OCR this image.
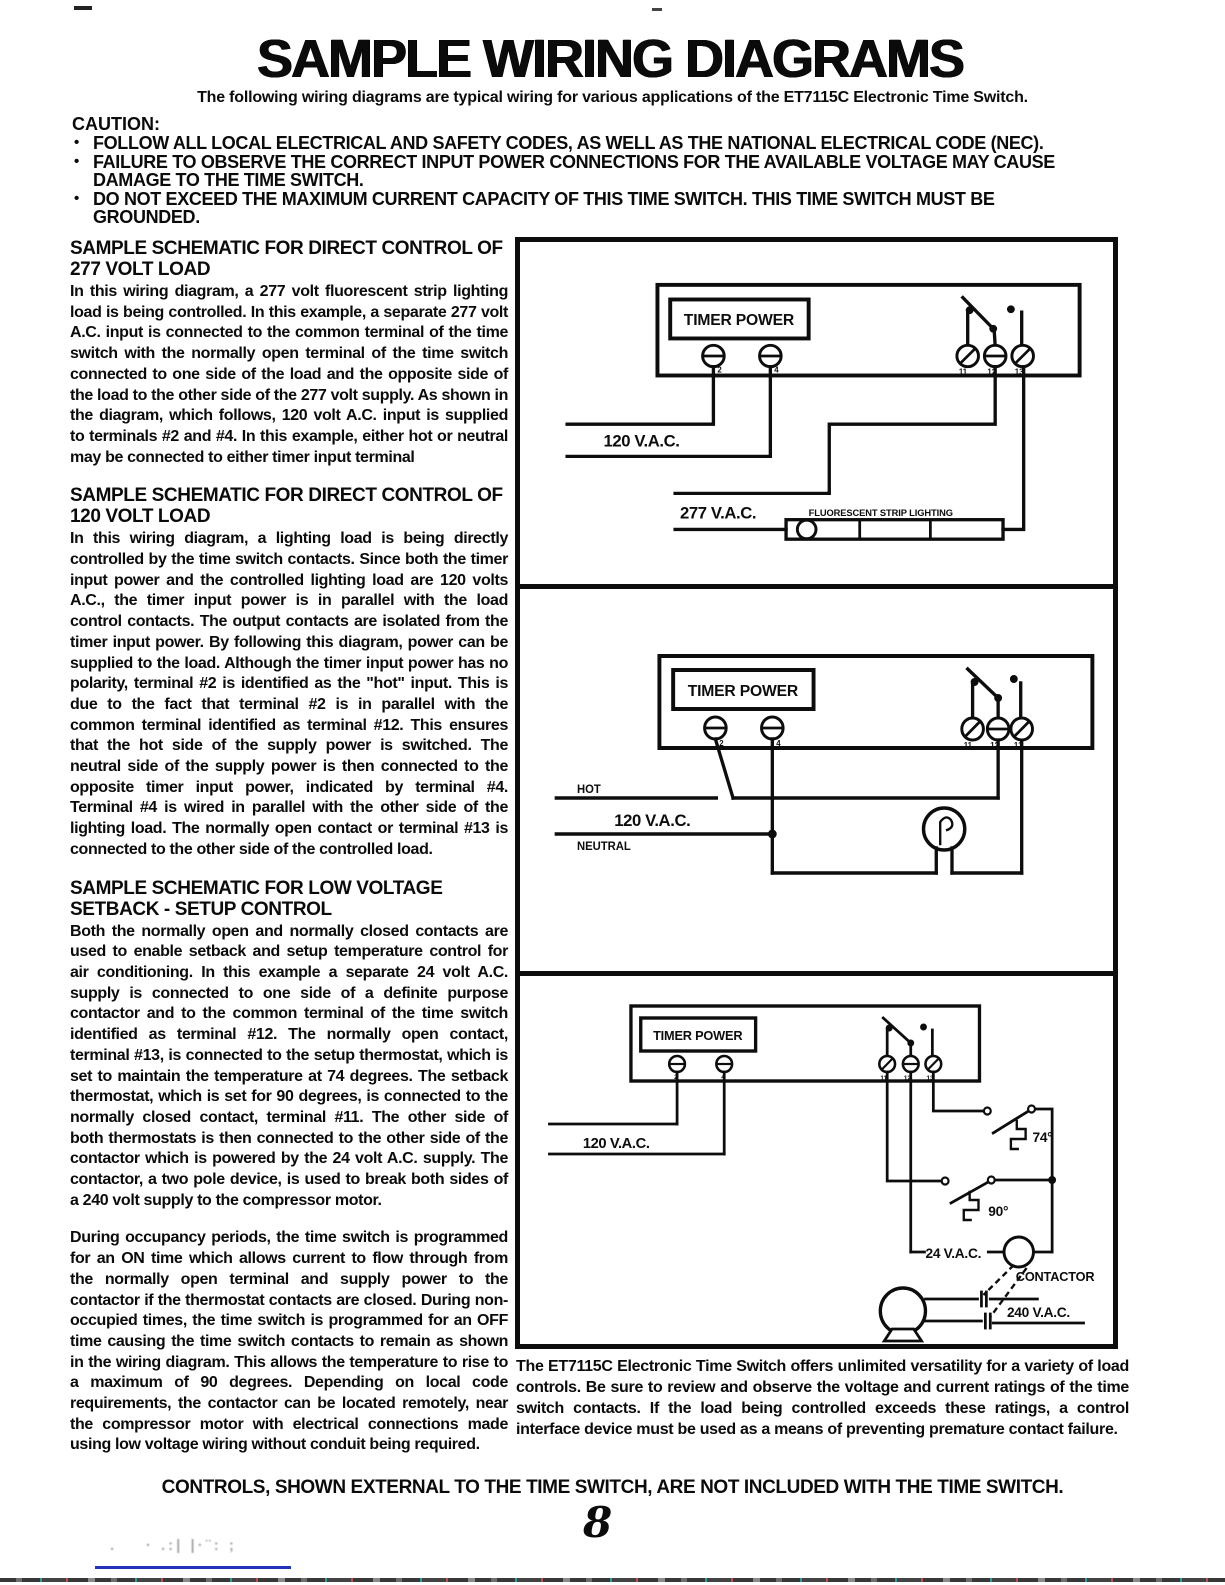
SAMPLE WIRING DIAGRAMS
The following wiring diagrams are typical wiring for various applications of the ET7115C Electronic Time Switch.
CAUTION:
• FOLLOW ALL LOCAL ELECTRICAL AND SAFETY CODES, AS WELL AS THE NATIONAL ELECTRICAL CODE (NEC).
• FAILURE TO OBSERVE THE CORRECT INPUT POWER CONNECTIONS FOR THE AVAILABLE VOLTAGE MAY CAUSE DAMAGE TO THE TIME SWITCH.
• DO NOT EXCEED THE MAXIMUM CURRENT CAPACITY OF THIS TIME SWITCH. THIS TIME SWITCH MUST BE GROUNDED.
SAMPLE SCHEMATIC FOR DIRECT CONTROL OF 277 VOLT LOAD

In this wiring diagram, a 277 volt fluorescent strip lighting load is being controlled. In this example, a separate 277 volt A.C. input is connected to the common terminal of the time switch with the normally open terminal of the time switch connected to one side of the load and the opposite side of the load to the other side of the 277 volt supply. As shown in the diagram, which follows, 120 volt A.C. input is supplied to terminals #2 and #4. In this example, either hot or neutral may be connected to either timer input terminal

SAMPLE SCHEMATIC FOR DIRECT CONTROL OF 120 VOLT LOAD

In this wiring diagram, a lighting load is being directly controlled by the time switch contacts. Since both the timer input power and the controlled lighting load are 120 volts A.C., the timer input power is in parallel with the load control contacts. The output contacts are isolated from the timer input power. By following this diagram, power can be supplied to the load. Although the timer input power has no polarity, terminal #2 is identified as the "hot" input. This is due to the fact that terminal #2 is in parallel with the common terminal identified as terminal #12. This ensures that the hot side of the supply power is switched. The neutral side of the supply power is then connected to the opposite timer input power, indicated by terminal #4. Terminal #4 is wired in parallel with the other side of the lighting load. The normally open contact or terminal #13 is connected to the other side of the controlled load.

SAMPLE SCHEMATIC FOR LOW VOLTAGE SETBACK - SETUP CONTROL

Both the normally open and normally closed contacts are used to enable setback and setup temperature control for air conditioning. In this example a separate 24 volt A.C. supply is connected to one side of a definite purpose contactor and to the common terminal of the time switch identified as terminal #12. The normally open contact, terminal #13, is connected to the setup thermostat, which is set to maintain the temperature at 74 degrees. The setback thermostat, which is set for 90 degrees, is connected to the normally closed contact, terminal #11. The other side of both thermostats is then connected to the other side of the contactor which is powered by the 24 volt A.C. supply. The contactor, a two pole device, is used to break both sides of a 240 volt supply to the compressor motor.

During occupancy periods, the time switch is programmed for an ON time which allows current to flow through from the normally open terminal and supply power to the contactor if the thermostat contacts are closed. During non-occupied times, the time switch is programmed for an OFF time causing the time switch contacts to remain as shown in the wiring diagram. This allows the temperature to rise to a maximum of 90 degrees. Depending on local code requirements, the contactor can be located remotely, near the compressor motor with electrical connections made using low voltage wiring without conduit being required.

TIMER POWER
2	4	11	12 13
120 V.A.C.
277 V.A.C.	FLUORESCENT STRIP LIGHTING
TIMER POWER
2	4	11 12 13
HOT
120 V.A.C.
NEUTRAL
TIMER POWER
2	4	11	12 13
120 V.A.C.	74°
90°
24 V.A.C.
CONTACTOR
240 V.A.C.
The ET7115C Electronic Time Switch offers unlimited versatility for a variety of load controls. Be sure to review and observe the voltage and current ratings of the time switch contacts. If the load being controlled exceeds these ratings, a control interface device must be used as a means of preventing premature contact failure.
CONTROLS, SHOWN EXTERNAL TO THE TIME SWITCH, ARE NOT INCLUDED WITH THE TIME SWITCH.
8
.    · .:| |·¨: ;
